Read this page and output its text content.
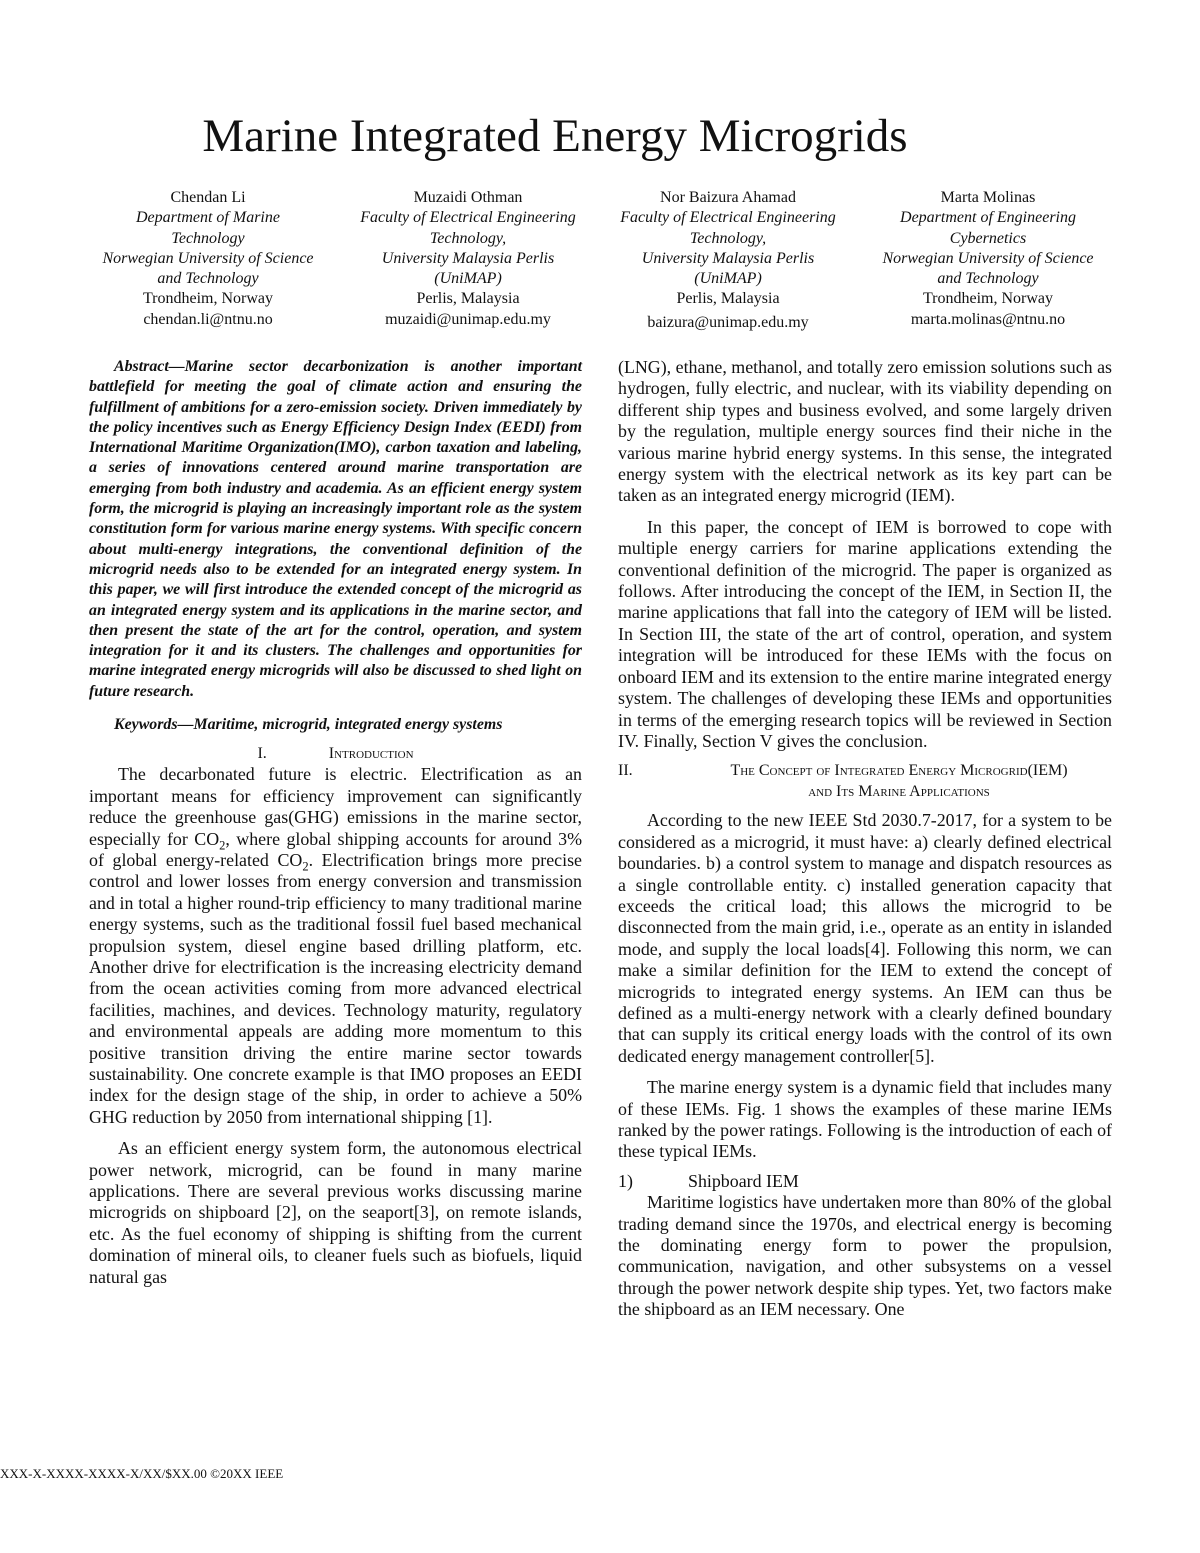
Marine Integrated Energy Microgrids
Chendan Li
Department of Marine
Technology
Norwegian University of Science
and Technology
Trondheim, Norway
chendan.li@ntnu.no
Muzaidi Othman
Faculty of Electrical Engineering
Technology,
University Malaysia Perlis
(UniMAP)
Perlis, Malaysia
muzaidi@unimap.edu.my
Nor Baizura Ahamad
Faculty of Electrical Engineering
Technology,
University Malaysia Perlis
(UniMAP)
Perlis, Malaysia
baizura@unimap.edu.my
Marta Molinas
Department of Engineering
Cybernetics
Norwegian University of Science
and Technology
Trondheim, Norway
marta.molinas@ntnu.no

Abstract—Marine sector decarbonization is another important battlefield for meeting the goal of climate action and ensuring the fulfillment of ambitions for a zero-emission society. Driven immediately by the policy incentives such as Energy Efficiency Design Index (EEDI) from International Maritime Organization(IMO), carbon taxation and labeling, a series of innovations centered around marine transportation are emerging from both industry and academia. As an efficient energy system form, the microgrid is playing an increasingly important role as the system constitution form for various marine energy systems. With specific concern about multi-energy integrations, the conventional definition of the microgrid needs also to be extended for an integrated energy system. In this paper, we will first introduce the extended concept of the microgrid as an integrated energy system and its applications in the marine sector, and then present the state of the art for the control, operation, and system integration for it and its clusters. The challenges and opportunities for marine integrated energy microgrids will also be discussed to shed light on future research.

Keywords—Maritime, microgrid, integrated energy systems

I.	Introduction

The decarbonated future is electric. Electrification as an important means for efficiency improvement can significantly reduce the greenhouse gas(GHG) emissions in the marine sector, especially for $CO_2$, where global shipping accounts for around 3% of global energy-related $CO_2$. Electrification brings more precise control and lower losses from energy conversion and transmission and in total a higher round-trip efficiency to many traditional marine energy systems, such as the traditional fossil fuel based mechanical propulsion system, diesel engine based drilling platform, etc. Another drive for electrification is the increasing electricity demand from the ocean activities coming from more advanced electrical facilities, machines, and devices. Technology maturity, regulatory and environmental appeals are adding more momentum to this positive transition driving the entire marine sector towards sustainability. One concrete example is that IMO proposes an EEDI index for the design stage of the ship, in order to achieve a 50% GHG reduction by 2050 from international shipping [1].

As an efficient energy system form, the autonomous electrical power network, microgrid, can be found in many marine applications. There are several previous works discussing marine microgrids on shipboard [2], on the seaport[3], on remote islands, etc. As the fuel economy of shipping is shifting from the current domination of mineral oils, to cleaner fuels such as biofuels, liquid natural gas

(LNG), ethane, methanol, and totally zero emission solutions such as hydrogen, fully electric, and nuclear, with its viability depending on different ship types and business evolved, and some largely driven by the regulation, multiple energy sources find their niche in the various marine hybrid energy systems. In this sense, the integrated energy system with the electrical network as its key part can be taken as an integrated energy microgrid (IEM).

In this paper, the concept of IEM is borrowed to cope with multiple energy carriers for marine applications extending the conventional definition of the microgrid. The paper is organized as follows. After introducing the concept of the IEM, in Section II, the marine applications that fall into the category of IEM will be listed. In Section III, the state of the art of control, operation, and system integration will be introduced for these IEMs with the focus on onboard IEM and its extension to the entire marine integrated energy system. The challenges of developing these IEMs and opportunities in terms of the emerging research topics will be reviewed in Section IV. Finally, Section V gives the conclusion.

II.	The Concept of Integrated Energy Microgrid(IEM)
and Its Marine Applications

According to the new IEEE Std 2030.7-2017, for a system to be considered as a microgrid, it must have: a) clearly defined electrical boundaries. b) a control system to manage and dispatch resources as a single controllable entity. c) installed generation capacity that exceeds the critical load; this allows the microgrid to be disconnected from the main grid, i.e., operate as an entity in islanded mode, and supply the local loads[4]. Following this norm, we can make a similar definition for the IEM to extend the concept of microgrids to integrated energy systems. An IEM can thus be defined as a multi-energy network with a clearly defined boundary that can supply its critical energy loads with the control of its own dedicated energy management controller[5].

The marine energy system is a dynamic field that includes many of these IEMs. Fig. 1 shows the examples of these marine IEMs ranked by the power ratings. Following is the introduction of each of these typical IEMs.

1)	Shipboard IEM

Maritime logistics have undertaken more than 80% of the global trading demand since the 1970s, and electrical energy is becoming the dominating energy form to power the propulsion, communication, navigation, and other subsystems on a vessel through the power network despite ship types. Yet, two factors make the shipboard as an IEM necessary. One

XXX-X-XXXX-XXXX-X/XX/$XX.00 ©20XX IEEE
